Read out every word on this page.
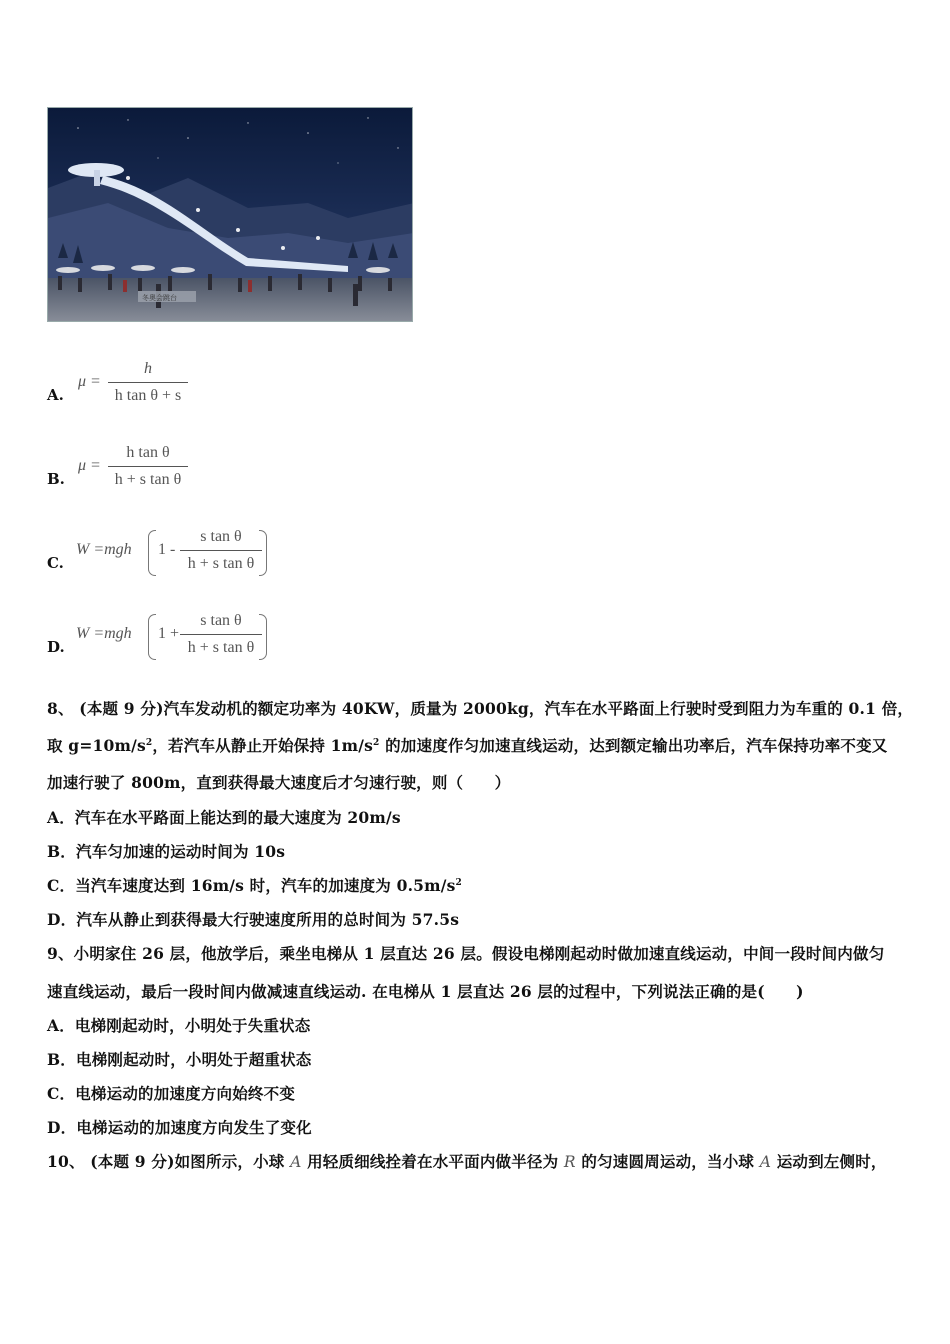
冬奥会跳台
A.
μ =
h
h tan θ + s
B.
μ =
h tan θ
h + s tan θ
C.
W =mgh 1 -
s tan θ
h + s tan θ
D.
W =mgh 1 +
s tan θ
h + s tan θ
8、 (本题 9 分)汽车发动机的额定功率为 40KW，质量为 2000kg，汽车在水平路面上行驶时受到阻力为车重的 0.1 倍，
取 $g=10m/s^2$，若汽车从静止开始保持 $1m/s^2$ 的加速度作匀加速直线运动，达到额定输出功率后，汽车保持功率不变又
加速行驶了 800m，直到获得最大速度后才匀速行驶，则（　　）
A．汽车在水平路面上能达到的最大速度为 20m/s
B．汽车匀加速的运动时间为 10s
C．当汽车速度达到 16m/s 时，汽车的加速度为 $0.5m/s^2$
D．汽车从静止到获得最大行驶速度所用的总时间为 57.5s
9、小明家住 26 层，他放学后，乘坐电梯从 1 层直达 26 层。假设电梯刚起动时做加速直线运动，中间一段时间内做匀
速直线运动，最后一段时间内做减速直线运动. 在电梯从 1 层直达 26 层的过程中，下列说法正确的是(　　)
A．电梯刚起动时，小明处于失重状态
B．电梯刚起动时，小明处于超重状态
C．电梯运动的加速度方向始终不变
D．电梯运动的加速度方向发生了变化
10、 (本题 9 分)如图所示，小球 A 用轻质细线拴着在水平面内做半径为 R 的匀速圆周运动，当小球 A 运动到左侧时，
